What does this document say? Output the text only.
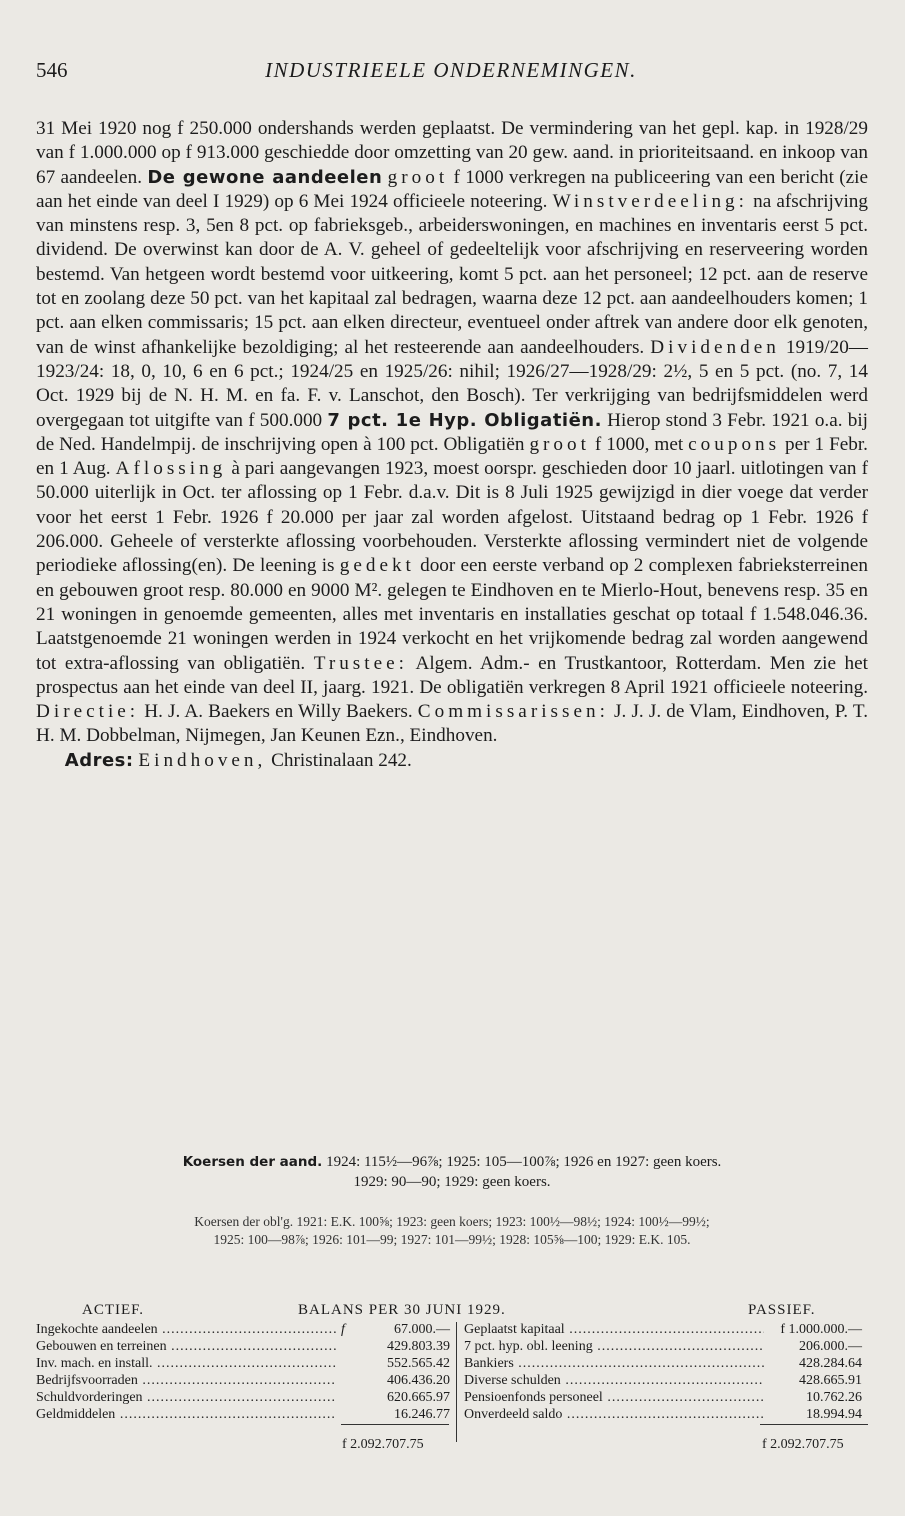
546	INDUSTRIEELE ONDERNEMINGEN.

31 Mei 1920 nog f 250.000 ondershands werden geplaatst. De vermindering van het gepl. kap. in 1928/29 van f 1.000.000 op f 913.000 geschiedde door omzetting van 20 gew. aand. in prioriteitsaand. en inkoop van 67 aandeelen. De gewone aandeelen groot f 1000 verkregen na publiceering van een bericht (zie aan het einde van deel I 1929) op 6 Mei 1924 officieele noteering. Winstverdeeling: na afschrijving van minstens resp. 3, 5en 8 pct. op fabrieksgeb., arbeiderswoningen, en machines en inventaris eerst 5 pct. dividend. De overwinst kan door de A. V. geheel of gedeeltelijk voor afschrijving en reserveering worden bestemd. Van hetgeen wordt bestemd voor uitkeering, komt 5 pct. aan het personeel; 12 pct. aan de reserve tot en zoolang deze 50 pct. van het kapitaal zal bedragen, waarna deze 12 pct. aan aandeelhouders komen; 1 pct. aan elken commissaris; 15 pct. aan elken directeur, eventueel onder aftrek van andere door elk genoten, van de winst afhankelijke bezoldiging; al het resteerende aan aandeelhouders. Dividenden 1919/20—1923/24: 18, 0, 10, 6 en 6 pct.; 1924/25 en 1925/26: nihil; 1926/27—1928/29: 2½, 5 en 5 pct. (no. 7, 14 Oct. 1929 bij de N. H. M. en fa. F. v. Lanschot, den Bosch). Ter verkrijging van bedrijfsmiddelen werd overgegaan tot uitgifte van f 500.000 7 pct. 1e Hyp. Obligatiën. Hierop stond 3 Febr. 1921 o.a. bij de Ned. Handelmpij. de inschrijving open à 100 pct. Obligatiën groot f 1000, met coupons per 1 Febr. en 1 Aug. Aflossing à pari aangevangen 1923, moest oorspr. geschieden door 10 jaarl. uitlotingen van f 50.000 uiterlijk in Oct. ter aflossing op 1 Febr. d.a.v. Dit is 8 Juli 1925 gewijzigd in dier voege dat verder voor het eerst 1 Febr. 1926 f 20.000 per jaar zal worden afgelost. Uitstaand bedrag op 1 Febr. 1926 f 206.000. Geheele of versterkte aflossing voorbehouden. Versterkte aflossing vermindert niet de volgende periodieke aflossing(en). De leening is gedekt door een eerste verband op 2 complexen fabrieksterreinen en gebouwen groot resp. 80.000 en 9000 M². gelegen te Eindhoven en te Mierlo-Hout, benevens resp. 35 en 21 woningen in genoemde gemeenten, alles met inventaris en installaties geschat op totaal f 1.548.046.36. Laatstgenoemde 21 woningen werden in 1924 verkocht en het vrijkomende bedrag zal worden aangewend tot extra-aflossing van obligatiën. Trustee: Algem. Adm.- en Trustkantoor, Rotterdam. Men zie het prospectus aan het einde van deel II, jaarg. 1921. De obligatiën verkregen 8 April 1921 officieele noteering. Directie: H. J. A. Baekers en Willy Baekers. Commissarissen: J. J. J. de Vlam, Eindhoven, P. T. H. M. Dobbelman, Nijmegen, Jan Keunen Ezn., Eindhoven.
Adres: Eindhoven, Christinalaan 242.

Koersen der aand. 1924: 115½—96⅞; 1925: 105—100⅞; 1926 en 1927: geen koers.
1929: 90—90; 1929: geen koers.
Koersen der obl'g. 1921: E.K. 100⅝; 1923: geen koers; 1923: 100½—98½; 1924: 100½—99½;
1925: 100—98⅞; 1926: 101—99; 1927: 101—99½; 1928: 105⅝—100; 1929: E.K. 105.
ACTIEF.	BALANS PER 30 JUNI 1929.	PASSIEF.
Ingekochte aandeelen .....	f	67.000.—
Gebouwen en terreinen .....	429.803.39
Inv. mach. en install. .....	552.565.42
Bedrijfsvoorraden .....	406.436.20
Schuldvorderingen .....	620.665.97
Geldmiddelen .....	16.246.77
Geplaatst kapitaal .....	f 1.000.000.—
7 pct. hyp. obl. leening .....	206.000.—
Bankiers .....	428.284.64
Diverse schulden .....	428.665.91
Pensioenfonds personeel .....	10.762.26
Onverdeeld saldo .....	18.994.94
f 2.092.707.75	f 2.092.707.75
